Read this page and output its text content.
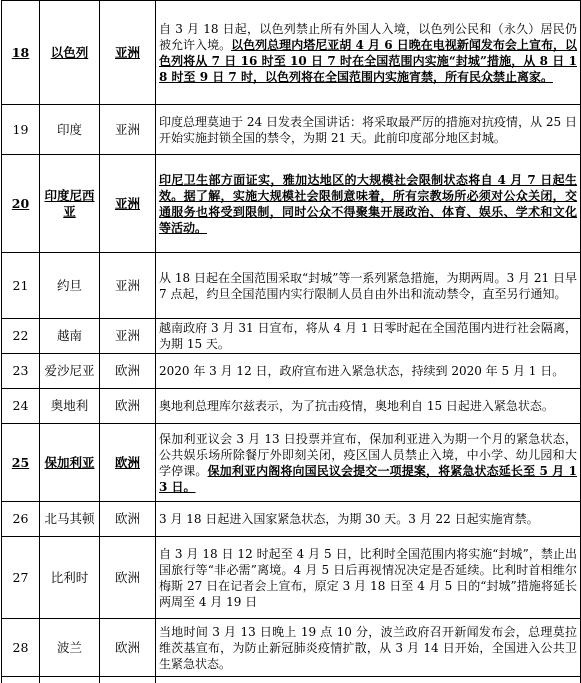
18	以色列	亚洲	自 3 月 18 日起，以色列禁止所有外国人入境，以色列公民和（永久）居民仍被允许入境。以色列总理内塔尼亚胡 4 月 6 日晚在电视新闻发布会上宣布，以色列将从 7 日 16 时至 10 日 7 时在全国范围内实施“封城”措施，从 8 日 18 时至 9 日 7 时，以色列将在全国范围内实施宵禁，所有民众禁止离家。
19	印度	亚洲	印度总理莫迪于 24 日发表全国讲话：将采取最严厉的措施对抗疫情，从 25 日开始实施封锁全国的禁令，为期 21 天。此前印度部分地区封城。
20	印度尼西亚	亚洲	印尼卫生部方面证实，雅加达地区的大规模社会限制状态将自 4 月 7 日起生效。据了解，实施大规模社会限制意味着，所有宗教场所必须对公众关闭，交通服务也将受到限制，同时公众不得聚集开展政治、体育、娱乐、学术和文化等活动。
21	约旦	亚洲	从 18 日起在全国范围采取“封城”等一系列紧急措施，为期两周。3 月 21 日早 7 点起，约旦全国范围内实行限制人员自由外出和流动禁令，直至另行通知。
22	越南	亚洲	越南政府 3 月 31 日宣布，将从 4 月 1 日零时起在全国范围内进行社会隔离，为期 15 天。
23	爱沙尼亚	欧洲	2020 年 3 月 12 日，政府宣布进入紧急状态，持续到 2020 年 5 月 1 日。
24	奥地利	欧洲	奥地利总理库尔兹表示，为了抗击疫情，奥地利自 15 日起进入紧急状态。
25	保加利亚	欧洲	保加利亚议会 3 月 13 日投票并宣布，保加利亚进入为期一个月的紧急状态，公共娱乐场所除餐厅外即刻关闭，疫区国人员禁止入境，中小学、幼儿园和大学停课。保加利亚内阁将向国民议会提交一项提案，将紧急状态延长至 5 月 13 日。
26	北马其顿	欧洲	3 月 18 日起进入国家紧急状态，为期 30 天。3 月 22 日起实施宵禁。
27	比利时	欧洲	自 3 月 18 日 12 时起至 4 月 5 日，比利时全国范围内将实施“封城”，禁止出国旅行等“非必需”离境。4 月 5 日后再视情况决定是否延续。比利时首相维尔梅斯 27 日在记者会上宣布，原定 3 月 18 日至 4 月 5 日的“封城”措施将延长两周至 4 月 19 日
28	波兰	欧洲	当地时间 3 月 13 日晚上 19 点 10 分，波兰政府召开新闻发布会，总理莫拉维茨基宣布，为防止新冠肺炎疫情扩散，从 3 月 14 日开始，全国进入公共卫生紧急状态。
